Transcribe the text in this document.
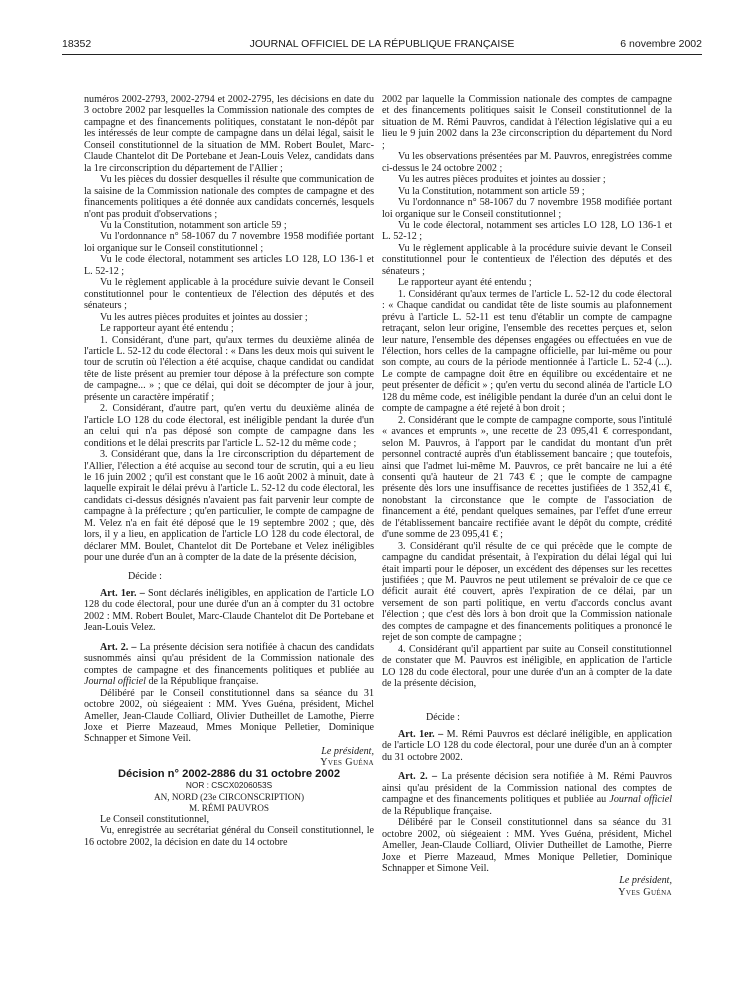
18352	JOURNAL OFFICIEL DE LA RÉPUBLIQUE FRANÇAISE	6 novembre 2002

numéros 2002-2793, 2002-2794 et 2002-2795, les décisions en date du 3 octobre 2002 par lesquelles la Commission nationale des comptes de campagne et des financements politiques, constatant le non-dépôt par les intéressés de leur compte de campagne dans un délai légal, saisit le Conseil constitutionnel de la situation de MM. Robert Boulet, Marc-Claude Chantelot dit De Portebane et Jean-Louis Velez, candidats dans la 1re circonscription du département de l'Allier ;

Vu les pièces du dossier desquelles il résulte que communication de la saisine de la Commission nationale des comptes de campagne et des financements politiques a été donnée aux candidats concernés, lesquels n'ont pas produit d'observations ;

Vu la Constitution, notamment son article 59 ;

Vu l'ordonnance n° 58-1067 du 7 novembre 1958 modifiée portant loi organique sur le Conseil constitutionnel ;

Vu le code électoral, notamment ses articles LO 128, LO 136-1 et L. 52-12 ;

Vu le règlement applicable à la procédure suivie devant le Conseil constitutionnel pour le contentieux de l'élection des députés et des sénateurs ;

Vu les autres pièces produites et jointes au dossier ;

Le rapporteur ayant été entendu ;

1. Considérant, d'une part, qu'aux termes du deuxième alinéa de l'article L. 52-12 du code électoral : « Dans les deux mois qui suivent le tour de scrutin où l'élection a été acquise, chaque candidat ou candidat tête de liste présent au premier tour dépose à la préfecture son compte de campagne... » ; que ce délai, qui doit se décompter de jour à jour, présente un caractère impératif ;

2. Considérant, d'autre part, qu'en vertu du deuxième alinéa de l'article LO 128 du code électoral, est inéligible pendant la durée d'un an celui qui n'a pas déposé son compte de campagne dans les conditions et le délai prescrits par l'article L. 52-12 du même code ;

3. Considérant que, dans la 1re circonscription du département de l'Allier, l'élection a été acquise au second tour de scrutin, qui a eu lieu le 16 juin 2002 ; qu'il est constant que le 16 août 2002 à minuit, date à laquelle expirait le délai prévu à l'article L. 52-12 du code électoral, les candidats ci-dessus désignés n'avaient pas fait parvenir leur compte de campagne à la préfecture ; qu'en particulier, le compte de campagne de M. Velez n'a en fait été déposé que le 19 septembre 2002 ; que, dès lors, il y a lieu, en application de l'article LO 128 du code électoral, de déclarer MM. Boulet, Chantelot dit De Portebane et Velez inéligibles pour une durée d'un an à compter de la date de la présente décision,

Décide :

Art. 1er. – Sont déclarés inéligibles, en application de l'article LO 128 du code électoral, pour une durée d'un an à compter du 31 octobre 2002 : MM. Robert Boulet, Marc-Claude Chantelot dit De Portebane et Jean-Louis Velez.

Art. 2. – La présente décision sera notifiée à chacun des candidats susnommés ainsi qu'au président de la Commission nationale des comptes de campagne et des financements politiques et publiée au Journal officiel de la République française.

Délibéré par le Conseil constitutionnel dans sa séance du 31 octobre 2002, où siégeaient : MM. Yves Guéna, président, Michel Ameller, Jean-Claude Colliard, Olivier Dutheillet de Lamothe, Pierre Joxe et Pierre Mazeaud, Mmes Monique Pelletier, Dominique Schnapper et Simone Veil.

Le président,

Yves Guéna

Décision n° 2002-2886 du 31 octobre 2002

NOR : CSCX0206053S

AN, NORD (23e CIRCONSCRIPTION)

M. RÉMI PAUVROS

Le Conseil constitutionnel,

Vu, enregistrée au secrétariat général du Conseil constitutionnel, le 16 octobre 2002, la décision en date du 14 octobre

2002 par laquelle la Commission nationale des comptes de campagne et des financements politiques saisit le Conseil constitutionnel de la situation de M. Rémi Pauvros, candidat à l'élection législative qui a eu lieu le 9 juin 2002 dans la 23e circonscription du département du Nord ;

Vu les observations présentées par M. Pauvros, enregistrées comme ci-dessus le 24 octobre 2002 ;

Vu les autres pièces produites et jointes au dossier ;

Vu la Constitution, notamment son article 59 ;

Vu l'ordonnance n° 58-1067 du 7 novembre 1958 modifiée portant loi organique sur le Conseil constitutionnel ;

Vu le code électoral, notamment ses articles LO 128, LO 136-1 et L. 52-12 ;

Vu le règlement applicable à la procédure suivie devant le Conseil constitutionnel pour le contentieux de l'élection des députés et des sénateurs ;

Le rapporteur ayant été entendu ;

1. Considérant qu'aux termes de l'article L. 52-12 du code électoral : « Chaque candidat ou candidat tête de liste soumis au plafonnement prévu à l'article L. 52-11 est tenu d'établir un compte de campagne retraçant, selon leur origine, l'ensemble des recettes perçues et, selon leur nature, l'ensemble des dépenses engagées ou effectuées en vue de l'élection, hors celles de la campagne officielle, par lui-même ou pour son compte, au cours de la période mentionnée à l'article L. 52-4 (...). Le compte de campagne doit être en équilibre ou excédentaire et ne peut présenter de déficit » ; qu'en vertu du second alinéa de l'article LO 128 du même code, est inéligible pendant la durée d'un an celui dont le compte de campagne a été rejeté à bon droit ;

2. Considérant que le compte de campagne comporte, sous l'intitulé « avances et emprunts », une recette de 23 095,41 € correspondant, selon M. Pauvros, à l'apport par le candidat du montant d'un prêt personnel contracté auprès d'un établissement bancaire ; que toutefois, ainsi que l'admet lui-même M. Pauvros, ce prêt bancaire ne lui a été consenti qu'à hauteur de 21 743 € ; que le compte de campagne présente dès lors une insuffisance de recettes justifiées de 1 352,41 €, nonobstant la circonstance que le compte de l'association de financement a été, pendant quelques semaines, par l'effet d'une erreur de l'établissement bancaire rectifiée avant le dépôt du compte, crédité d'une somme de 23 095,41 € ;

3. Considérant qu'il résulte de ce qui précède que le compte de campagne du candidat présentait, à l'expiration du délai légal qui lui était imparti pour le déposer, un excédent des dépenses sur les recettes justifiées ; que M. Pauvros ne peut utilement se prévaloir de ce que ce déficit aurait été couvert, après l'expiration de ce délai, par un versement de son parti politique, en vertu d'accords conclus avant l'élection ; que c'est dès lors à bon droit que la Commission nationale des comptes de campagne et des financements politiques a prononcé le rejet de son compte de campagne ;

4. Considérant qu'il appartient par suite au Conseil constitutionnel de constater que M. Pauvros est inéligible, en application de l'article LO 128 du code électoral, pour une durée d'un an à compter de la date de la présente décision,

Décide :

Art. 1er. – M. Rémi Pauvros est déclaré inéligible, en application de l'article LO 128 du code électoral, pour une durée d'un an à compter du 31 octobre 2002.

Art. 2. – La présente décision sera notifiée à M. Rémi Pauvros ainsi qu'au président de la Commission national des comptes de campagne et des financements politiques et publiée au Journal officiel de la République française.

Délibéré par le Conseil constitutionnel dans sa séance du 31 octobre 2002, où siégeaient : MM. Yves Guéna, président, Michel Ameller, Jean-Claude Colliard, Olivier Dutheillet de Lamothe, Pierre Joxe et Pierre Mazeaud, Mmes Monique Pelletier, Dominique Schnapper et Simone Veil.

Le président,

Yves Guéna
